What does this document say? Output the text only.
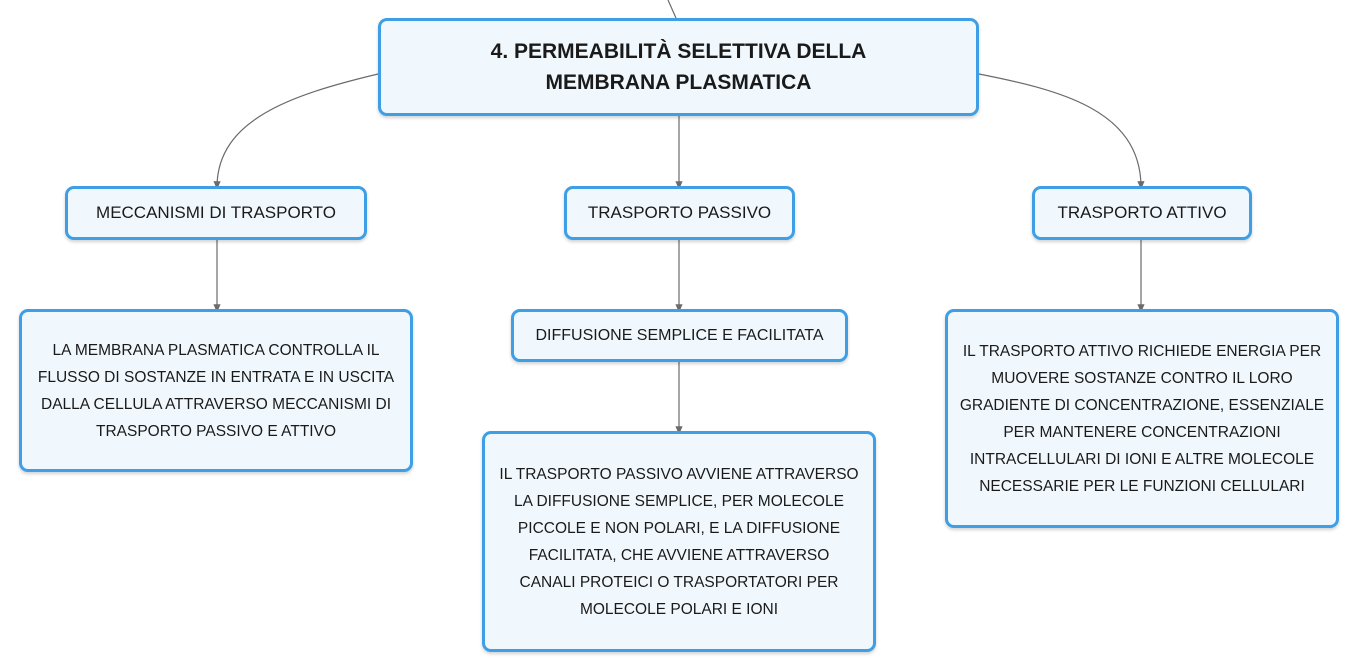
4. PERMEABILITÀ SELETTIVA DELLA MEMBRANA PLASMATICA
MECCANISMI DI TRASPORTO	TRASPORTO PASSIVO	TRASPORTO ATTIVO
LA MEMBRANA PLASMATICA CONTROLLA IL FLUSSO DI SOSTANZE IN ENTRATA E IN USCITA DALLA CELLULA ATTRAVERSO MECCANISMI DI TRASPORTO PASSIVO E ATTIVO
DIFFUSIONE SEMPLICE E FACILITATA
IL TRASPORTO PASSIVO AVVIENE ATTRAVERSO LA DIFFUSIONE SEMPLICE, PER MOLECOLE PICCOLE E NON POLARI, E LA DIFFUSIONE FACILITATA, CHE AVVIENE ATTRAVERSO CANALI PROTEICI O TRASPORTATORI PER MOLECOLE POLARI E IONI
IL TRASPORTO ATTIVO RICHIEDE ENERGIA PER MUOVERE SOSTANZE CONTRO IL LORO GRADIENTE DI CONCENTRAZIONE, ESSENZIALE PER MANTENERE CONCENTRAZIONI INTRACELLULARI DI IONI E ALTRE MOLECOLE NECESSARIE PER LE FUNZIONI CELLULARI
